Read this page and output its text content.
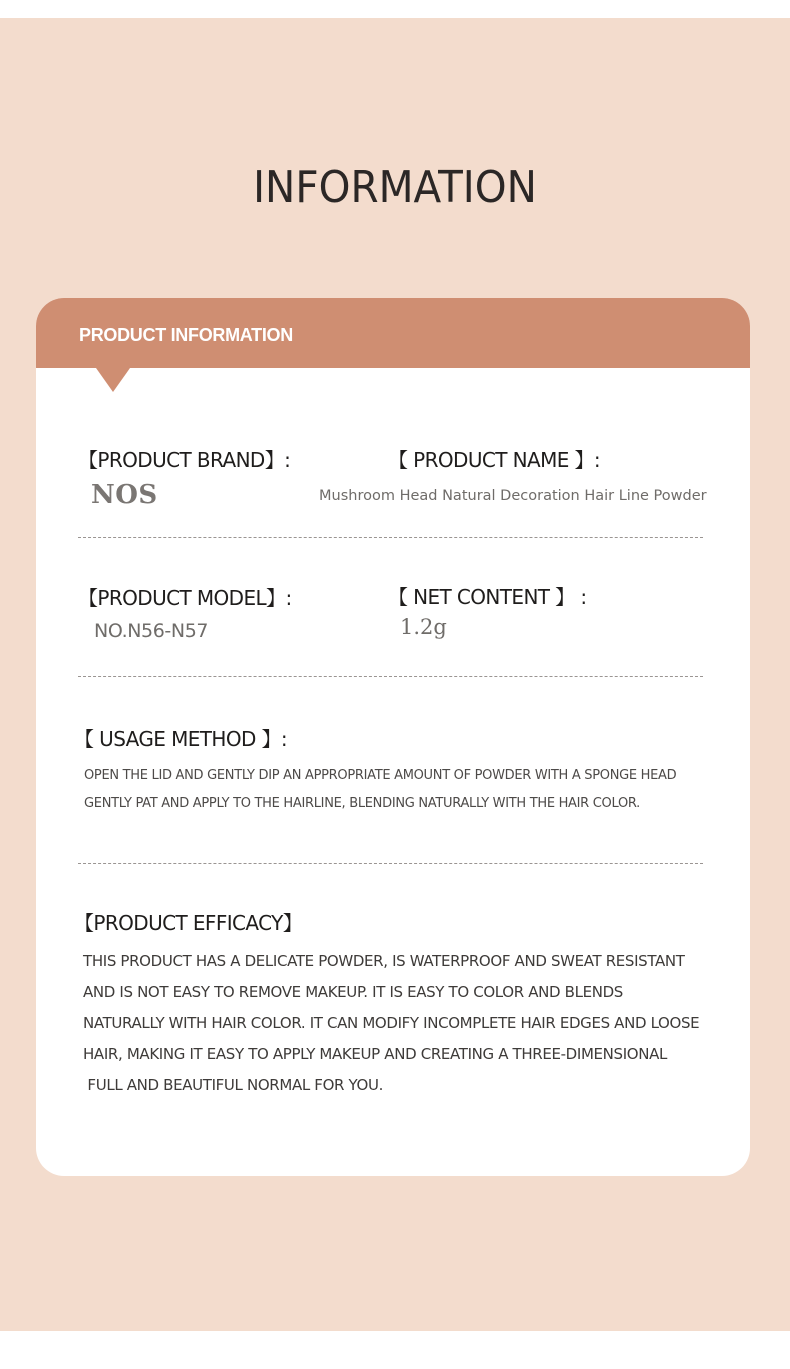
INFORMATION
PRODUCT INFORMATION
【PRODUCT BRAND】:
NOS
【 PRODUCT NAME 】:
Mushroom Head Natural Decoration Hair Line Powder
【PRODUCT MODEL】:
NO.N56-N57
【 NET CONTENT 】 :
1.2g
【 USAGE METHOD 】:
OPEN THE LID AND GENTLY DIP AN APPROPRIATE AMOUNT OF POWDER WITH A SPONGE HEAD
GENTLY PAT AND APPLY TO THE HAIRLINE, BLENDING NATURALLY WITH THE HAIR COLOR.
【PRODUCT EFFICACY】
THIS PRODUCT HAS A DELICATE POWDER, IS WATERPROOF AND SWEAT RESISTANT
AND IS NOT EASY TO REMOVE MAKEUP. IT IS EASY TO COLOR AND BLENDS
NATURALLY WITH HAIR COLOR. IT CAN MODIFY INCOMPLETE HAIR EDGES AND LOOSE
HAIR, MAKING IT EASY TO APPLY MAKEUP AND CREATING A THREE-DIMENSIONAL
FULL AND BEAUTIFUL NORMAL FOR YOU.
